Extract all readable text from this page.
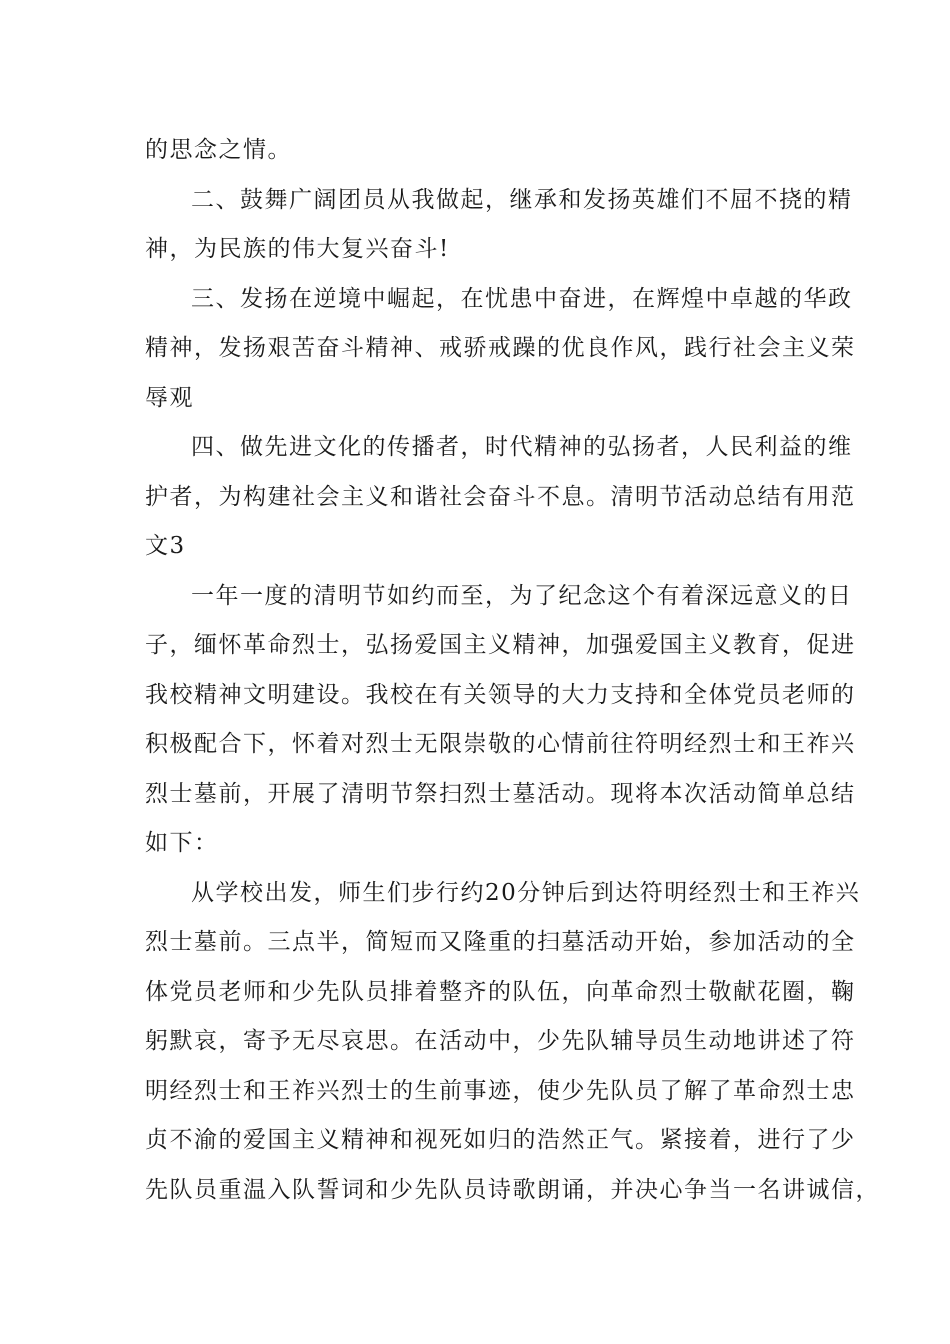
的思念之情。
二、鼓舞广阔团员从我做起，继承和发扬英雄们不屈不挠的精
神，为民族的伟大复兴奋斗!
三、发扬在逆境中崛起，在忧患中奋进，在辉煌中卓越的华政
精神，发扬艰苦奋斗精神、戒骄戒躁的优良作风，践行社会主义荣
辱观
四、做先进文化的传播者，时代精神的弘扬者，人民利益的维
护者，为构建社会主义和谐社会奋斗不息。清明节活动总结有用范
文3
一年一度的清明节如约而至，为了纪念这个有着深远意义的日
子，缅怀革命烈士，弘扬爱国主义精神，加强爱国主义教育，促进
我校精神文明建设。我校在有关领导的大力支持和全体党员老师的
积极配合下，怀着对烈士无限崇敬的心情前往符明经烈士和王祚兴
烈士墓前，开展了清明节祭扫烈士墓活动。现将本次活动简单总结
如下：
从学校出发，师生们步行约20分钟后到达符明经烈士和王祚兴
烈士墓前。三点半，简短而又隆重的扫墓活动开始，参加活动的全
体党员老师和少先队员排着整齐的队伍，向革命烈士敬献花圈，鞠
躬默哀，寄予无尽哀思。在活动中，少先队辅导员生动地讲述了符
明经烈士和王祚兴烈士的生前事迹，使少先队员了解了革命烈士忠
贞不渝的爱国主义精神和视死如归的浩然正气。紧接着，进行了少
先队员重温入队誓词和少先队员诗歌朗诵，并决心争当一名讲诚信，
